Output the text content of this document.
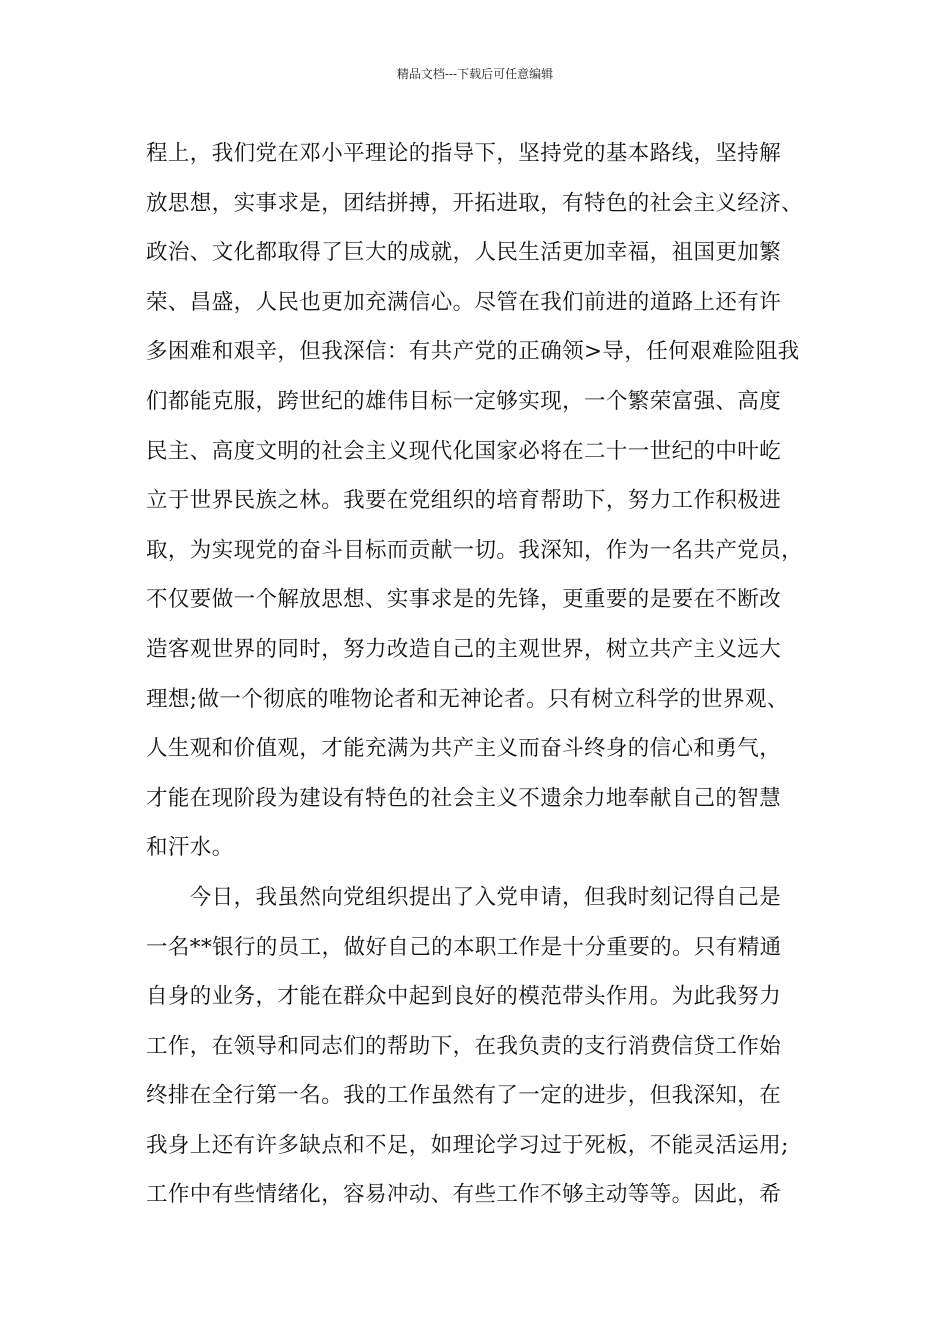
精品文档---下载后可任意编辑
程上，我们党在邓小平理论的指导下，坚持党的基本路线，坚持解
放思想，实事求是，团结拼搏，开拓进取，有特色的社会主义经济、
政治、文化都取得了巨大的成就，人民生活更加幸福，祖国更加繁
荣、昌盛，人民也更加充满信心。尽管在我们前进的道路上还有许
多困难和艰辛，但我深信：有共产党的正确领>导，任何艰难险阻我
们都能克服，跨世纪的雄伟目标一定够实现，一个繁荣富强、高度
民主、高度文明的社会主义现代化国家必将在二十一世纪的中叶屹
立于世界民族之林。我要在党组织的培育帮助下，努力工作积极进
取，为实现党的奋斗目标而贡献一切。我深知，作为一名共产党员，
不仅要做一个解放思想、实事求是的先锋，更重要的是要在不断改
造客观世界的同时，努力改造自己的主观世界，树立共产主义远大
理想;做一个彻底的唯物论者和无神论者。只有树立科学的世界观、
人生观和价值观，才能充满为共产主义而奋斗终身的信心和勇气，
才能在现阶段为建设有特色的社会主义不遗余力地奉献自己的智慧
和汗水。
　　今日，我虽然向党组织提出了入党申请，但我时刻记得自己是
一名**银行的员工，做好自己的本职工作是十分重要的。只有精通
自身的业务，才能在群众中起到良好的模范带头作用。为此我努力
工作，在领导和同志们的帮助下，在我负责的支行消费信贷工作始
终排在全行第一名。我的工作虽然有了一定的进步，但我深知，在
我身上还有许多缺点和不足，如理论学习过于死板，不能灵活运用;
工作中有些情绪化，容易冲动、有些工作不够主动等等。因此，希
